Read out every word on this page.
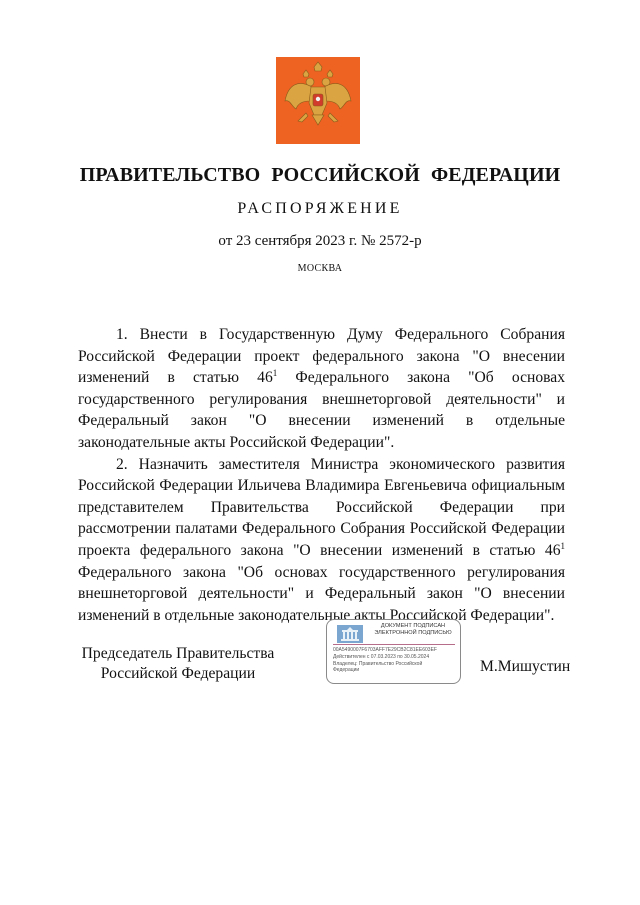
ПРАВИТЕЛЬСТВО РОССИЙСКОЙ ФЕДЕРАЦИИ
РАСПОРЯЖЕНИЕ
от 23 сентября 2023 г. № 2572-р
МОСКВА

1. Внести в Государственную Думу Федерального Собрания Российской Федерации проект федерального закона "О внесении изменений в статью $46^1$ Федерального закона "Об основах государственного регулирования внешнеторговой деятельности" и Федеральный закон "О внесении изменений в отдельные законодательные акты Российской Федерации".

2. Назначить заместителя Министра экономического развития Российской Федерации Ильичева Владимира Евгеньевича официальным представителем Правительства Российской Федерации при рассмотрении палатами Федерального Собрания Российской Федерации проекта федерального закона "О внесении изменений в статью $46^1$ Федерального закона "Об основах государственного регулирования внешнеторговой деятельности" и Федеральный закон "О внесении изменений в отдельные законодательные акты Российской Федерации".

Председатель Правительства
Российской Федерации
ДОКУМЕНТ ПОДПИСАН
ЭЛЕКТРОННОЙ ПОДПИСЬЮ
00A5490007F6703AFF7E29CB2C81EE603EF
Действителен с 07.03.2023 по 30.05.2024
Владелец: Правительство Российской Федерации	М.Мишустин
